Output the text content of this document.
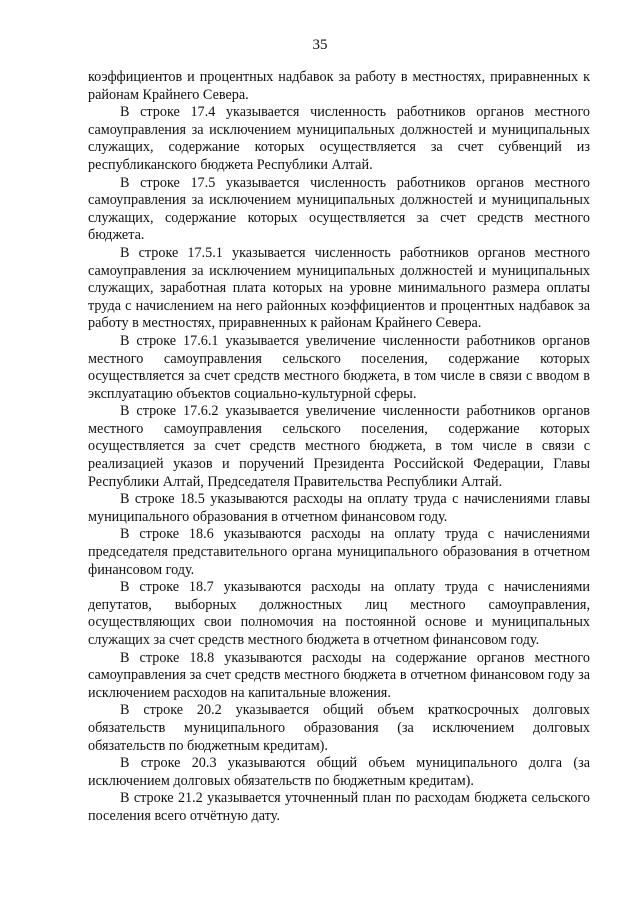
35

коэффициентов и процентных надбавок за работу в местностях, приравненных к районам Крайнего Севера.

В строке 17.4 указывается численность работников органов местного самоуправления за исключением муниципальных должностей и муниципальных служащих, содержание которых осуществляется за счет субвенций из республиканского бюджета Республики Алтай.

В строке 17.5 указывается численность работников органов местного самоуправления за исключением муниципальных должностей и муниципальных служащих, содержание которых осуществляется за счет средств местного бюджета.

В строке 17.5.1 указывается численность работников органов местного самоуправления за исключением муниципальных должностей и муниципальных служащих, заработная плата которых на уровне минимального размера оплаты труда с начислением на него районных коэффициентов и процентных надбавок за работу в местностях, приравненных к районам Крайнего Севера.

В строке 17.6.1 указывается увеличение численности работников органов местного самоуправления сельского поселения, содержание которых осуществляется за счет средств местного бюджета, в том числе в связи с вводом в эксплуатацию объектов социально-культурной сферы.

В строке 17.6.2 указывается увеличение численности работников органов местного самоуправления сельского поселения, содержание которых осуществляется за счет средств местного бюджета, в том числе в связи с реализацией указов и поручений Президента Российской Федерации, Главы Республики Алтай, Председателя Правительства Республики Алтай.

В строке 18.5 указываются расходы на оплату труда с начислениями главы муниципального образования в отчетном финансовом году.

В строке 18.6 указываются расходы на оплату труда с начислениями председателя представительного органа муниципального образования в отчетном финансовом году.

В строке 18.7 указываются расходы на оплату труда с начислениями депутатов, выборных должностных лиц местного самоуправления, осуществляющих свои полномочия на постоянной основе и муниципальных служащих за счет средств местного бюджета в отчетном финансовом году.

В строке 18.8 указываются расходы на содержание органов местного самоуправления за счет средств местного бюджета в отчетном финансовом году за исключением расходов на капитальные вложения.

В строке 20.2 указывается общий объем краткосрочных долговых обязательств муниципального образования (за исключением долговых обязательств по бюджетным кредитам).

В строке 20.3 указываются общий объем муниципального долга (за исключением долговых обязательств по бюджетным кредитам).

В строке 21.2 указывается уточненный план по расходам бюджета сельского поселения всего отчётную дату.
